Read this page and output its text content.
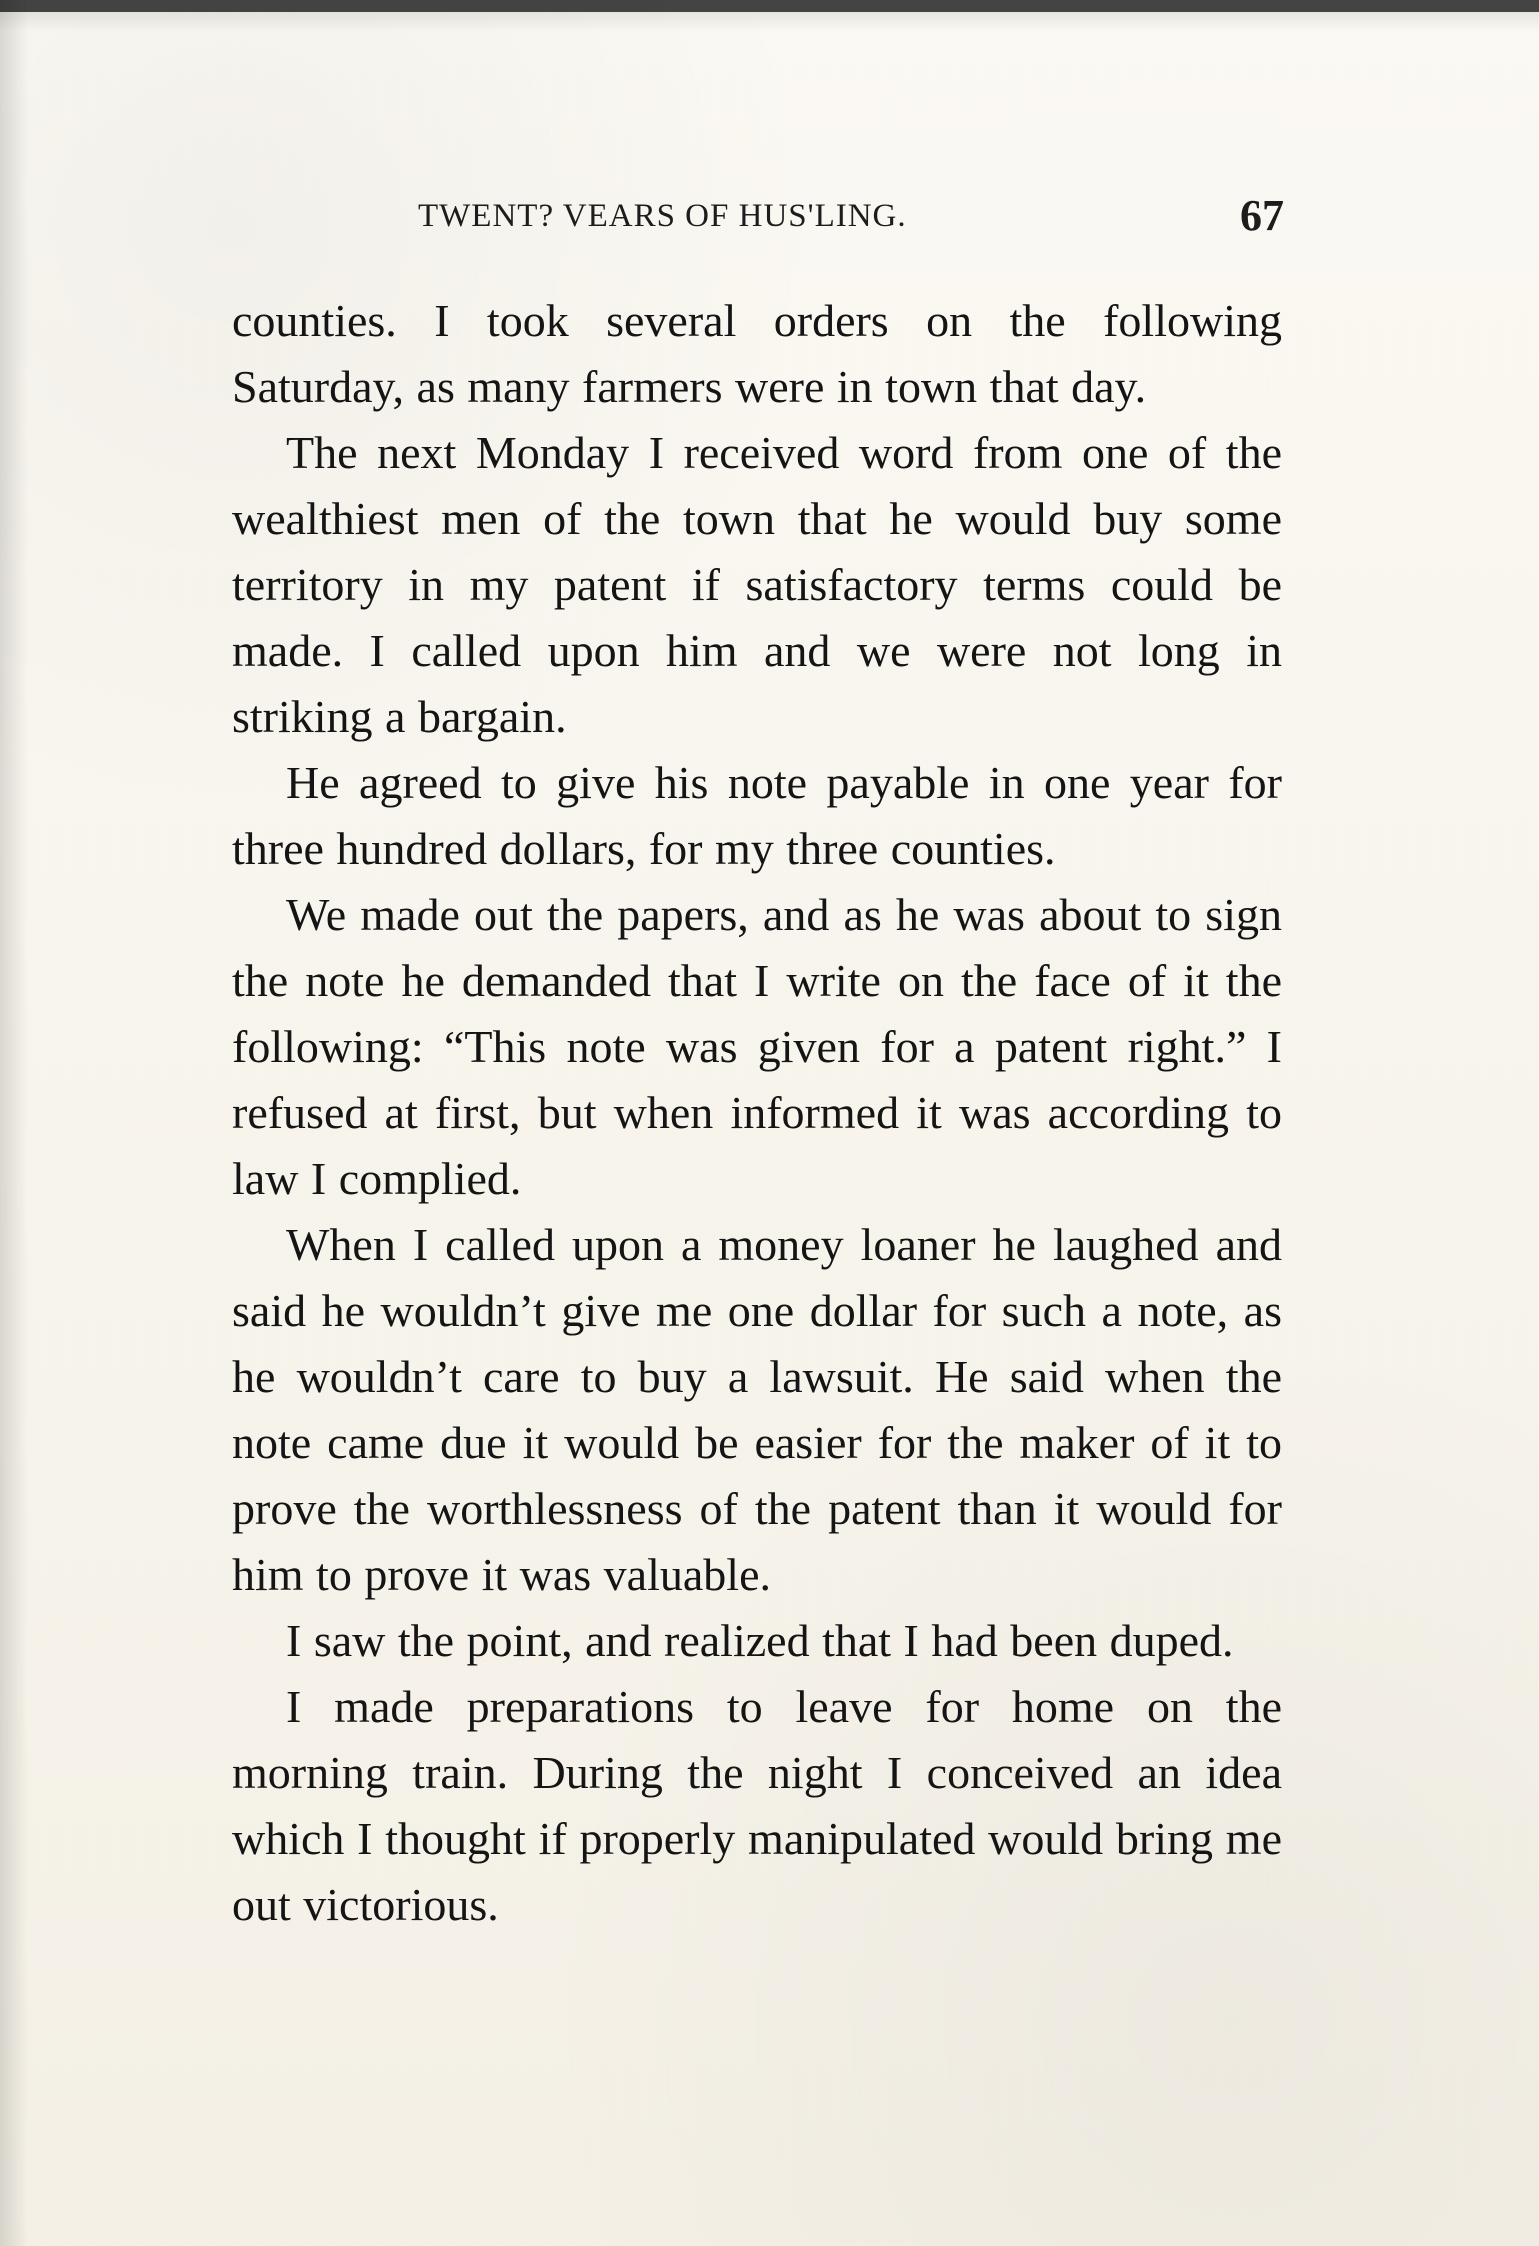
TWENT? VEARS OF HUS'LING.	67

counties. I took several orders on the following Saturday, as many farmers were in town that day.

The next Monday I received word from one of the wealthiest men of the town that he would buy some territory in my patent if satisfactory terms could be made. I called upon him and we were not long in striking a bargain.

He agreed to give his note payable in one year for three hundred dollars, for my three counties.

We made out the papers, and as he was about to sign the note he demanded that I write on the face of it the following: “This note was given for a patent right.” I refused at first, but when informed it was according to law I complied.

When I called upon a money loaner he laughed and said he wouldn’t give me one dollar for such a note, as he wouldn’t care to buy a lawsuit. He said when the note came due it would be easier for the maker of it to prove the worthlessness of the patent than it would for him to prove it was valuable.

I saw the point, and realized that I had been duped.

I made preparations to leave for home on the morning train. During the night I conceived an idea which I thought if properly manipulated would bring me out victorious.
